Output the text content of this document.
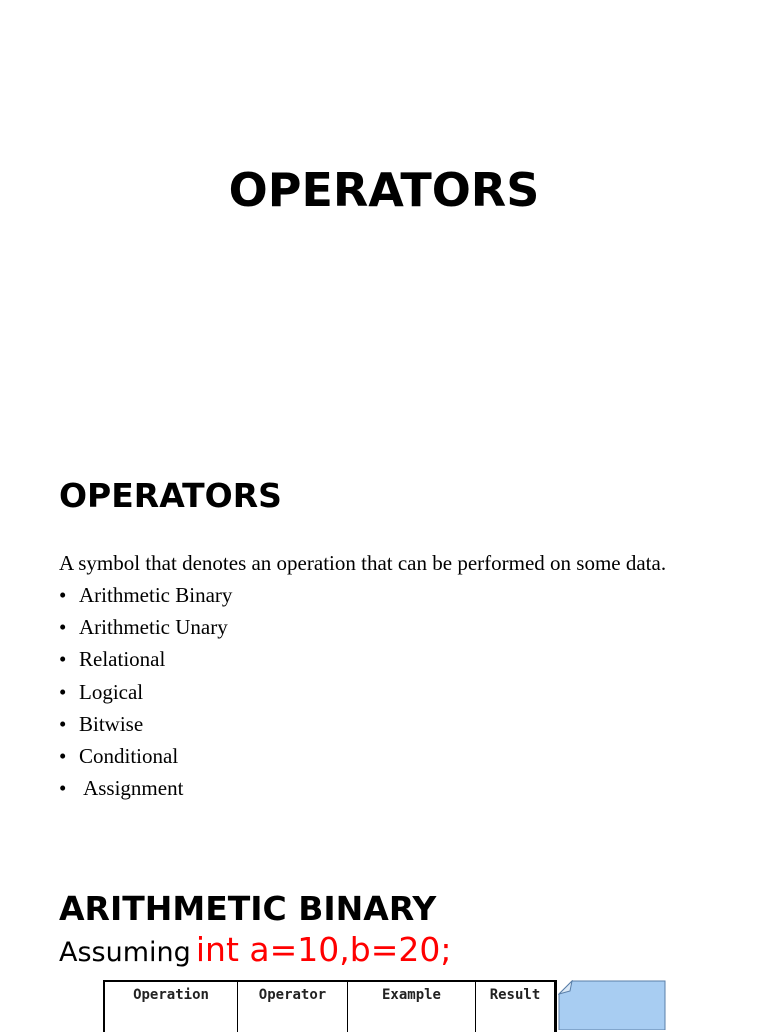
OPERATORS
OPERATORS

A symbol that denotes an operation that can be performed on some data.

• Arithmetic Binary
• Arithmetic Unary
• Relational
• Logical
• Bitwise
• Conditional
• Assignment
ARITHMETIC BINARY

Assuming int a=10,b=20;

Operation	Operator	Example	Result
